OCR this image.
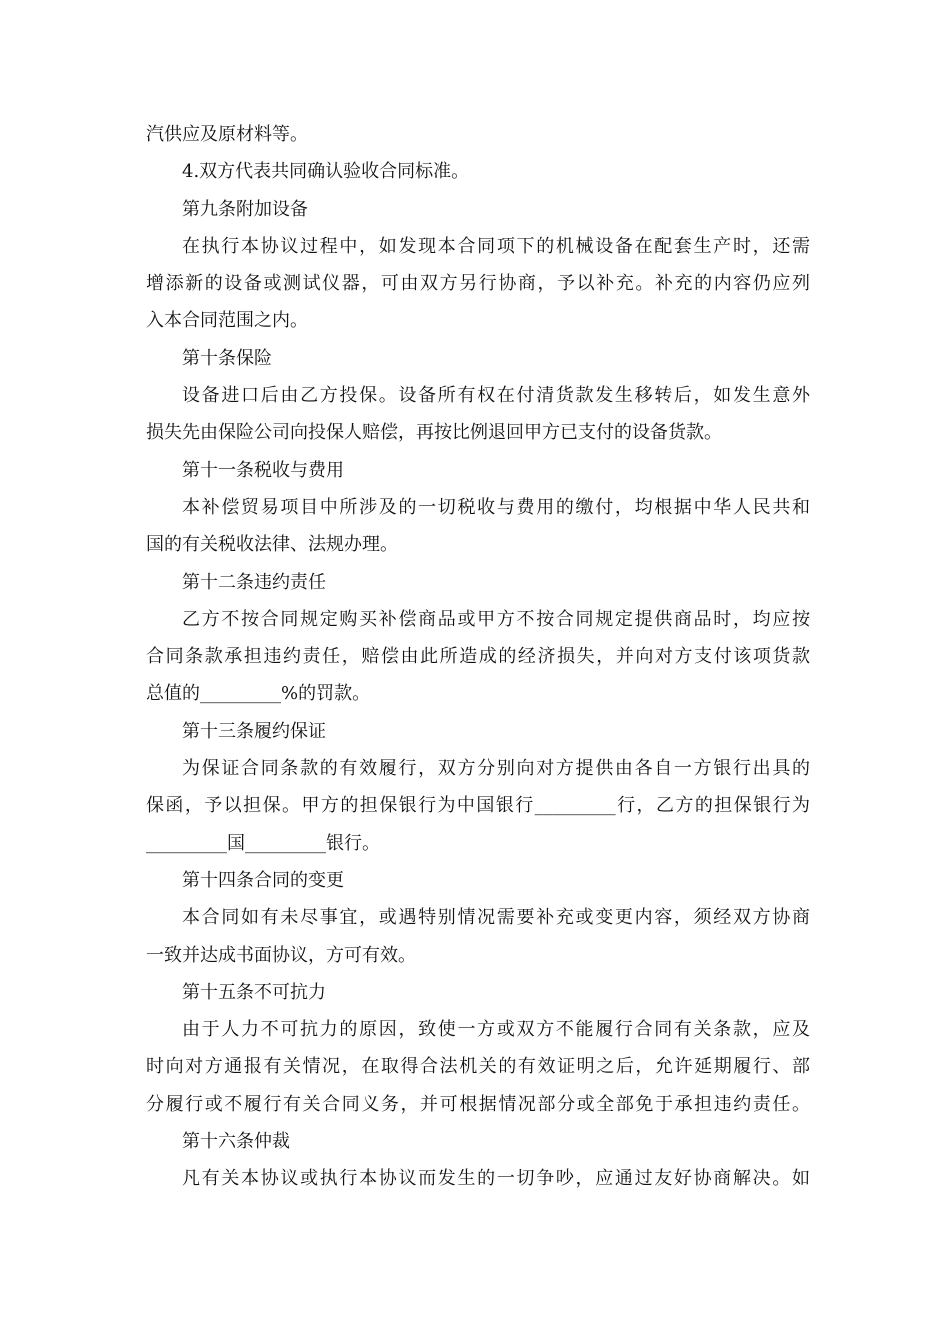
汽供应及原材料等。
4.双方代表共同确认验收合同标准。
第九条附加设备
在执行本协议过程中，如发现本合同项下的机械设备在配套生产时，还需
增添新的设备或测试仪器，可由双方另行协商，予以补充。补充的内容仍应列
入本合同范围之内。
第十条保险
设备进口后由乙方投保。设备所有权在付清货款发生移转后，如发生意外
损失先由保险公司向投保人赔偿，再按比例退回甲方已支付的设备货款。
第十一条税收与费用
本补偿贸易项目中所涉及的一切税收与费用的缴付，均根据中华人民共和
国的有关税收法律、法规办理。
第十二条违约责任
乙方不按合同规定购买补偿商品或甲方不按合同规定提供商品时，均应按
合同条款承担违约责任，赔偿由此所造成的经济损失，并向对方支付该项货款
总值的_________%的罚款。
第十三条履约保证
为保证合同条款的有效履行，双方分别向对方提供由各自一方银行出具的
保函，予以担保。甲方的担保银行为中国银行_________行，乙方的担保银行为
_________国_________银行。
第十四条合同的变更
本合同如有未尽事宜，或遇特别情况需要补充或变更内容，须经双方协商
一致并达成书面协议，方可有效。
第十五条不可抗力
由于人力不可抗力的原因，致使一方或双方不能履行合同有关条款，应及
时向对方通报有关情况，在取得合法机关的有效证明之后，允许延期履行、部
分履行或不履行有关合同义务，并可根据情况部分或全部免于承担违约责任。
第十六条仲裁
凡有关本协议或执行本协议而发生的一切争吵，应通过友好协商解决。如
